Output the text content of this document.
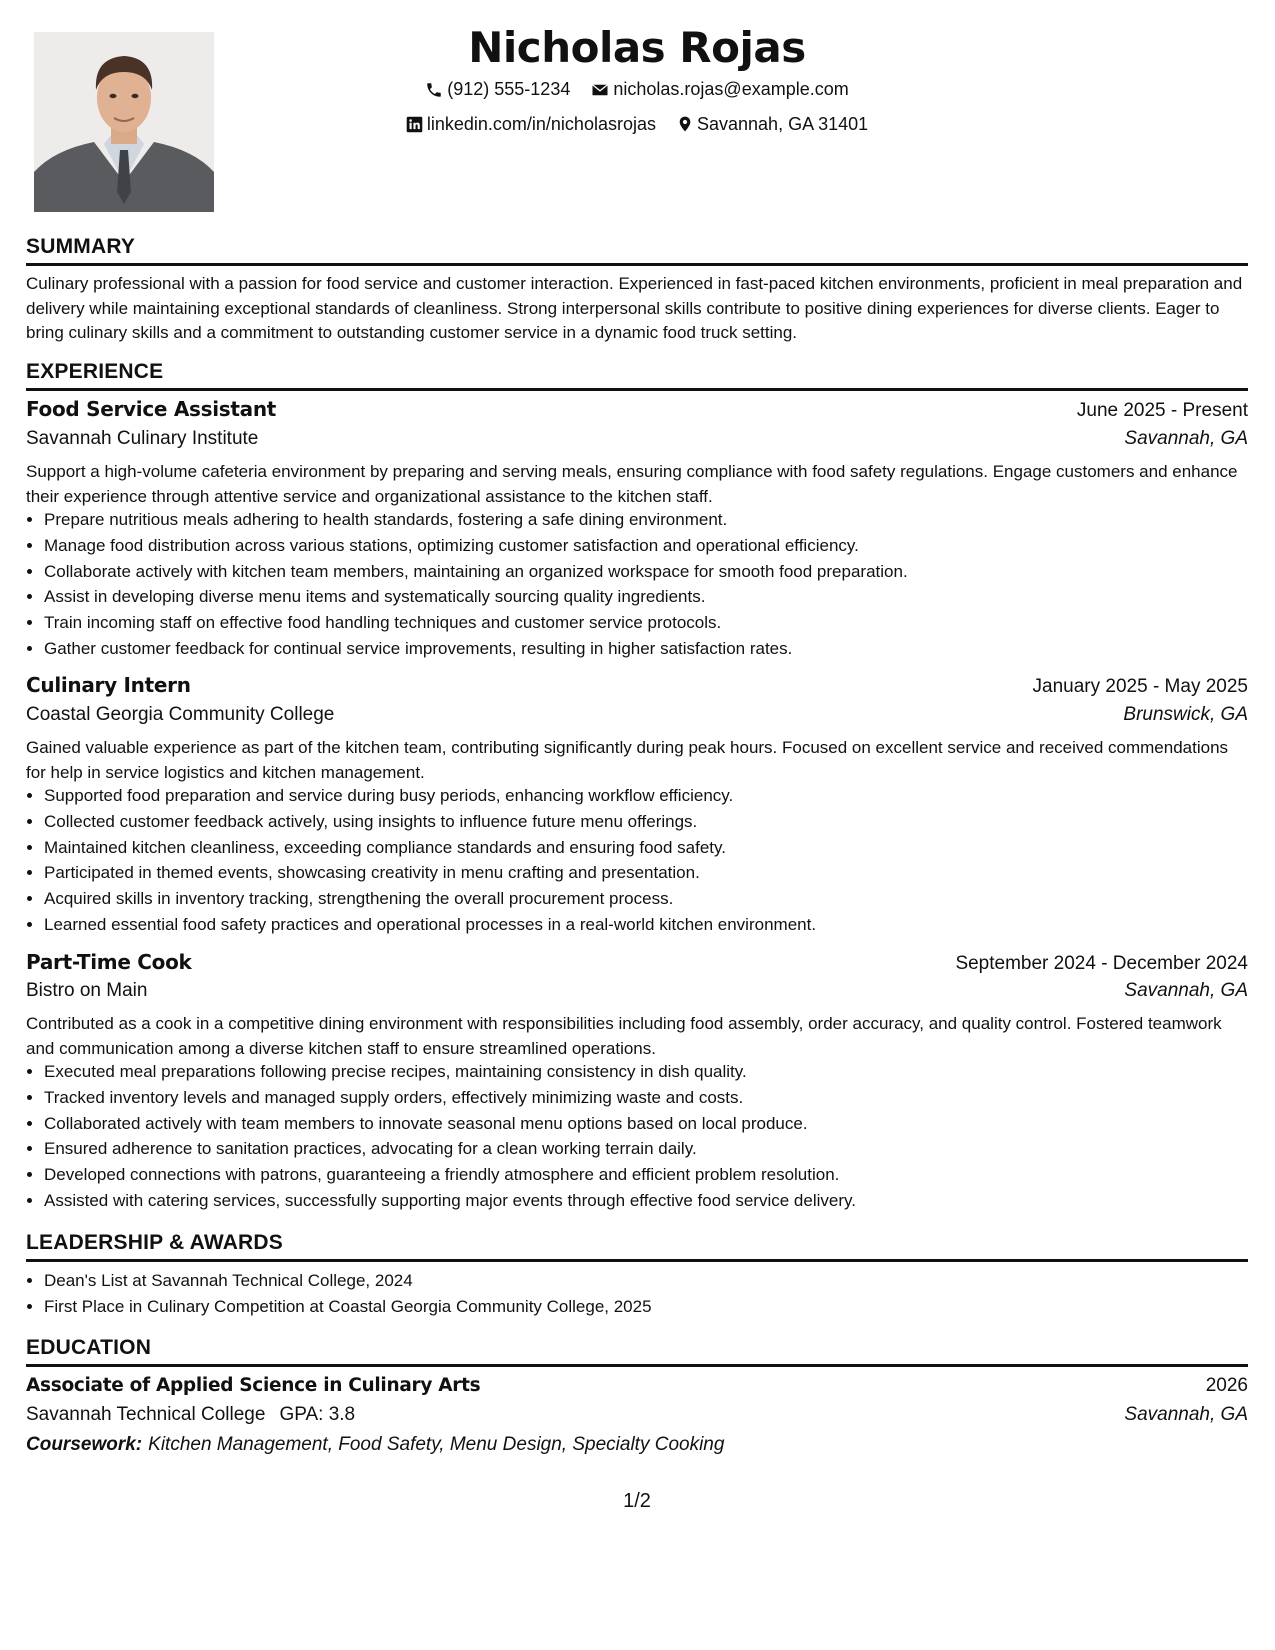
Nicholas Rojas
(912) 555-1234
nicholas.rojas@example.com
linkedin.com/in/nicholasrojas
Savannah, GA 31401
SUMMARY
Culinary professional with a passion for food service and customer interaction. Experienced in fast-paced kitchen environments, proficient in meal preparation and delivery while maintaining exceptional standards of cleanliness. Strong interpersonal skills contribute to positive dining experiences for diverse clients. Eager to bring culinary skills and a commitment to outstanding customer service in a dynamic food truck setting.
EXPERIENCE
Food Service Assistant	June 2025 - Present
Savannah Culinary Institute	Savannah, GA
Support a high-volume cafeteria environment by preparing and serving meals, ensuring compliance with food safety regulations. Engage customers and enhance their experience through attentive service and organizational assistance to the kitchen staff.
• Prepare nutritious meals adhering to health standards, fostering a safe dining environment.
• Manage food distribution across various stations, optimizing customer satisfaction and operational efficiency.
• Collaborate actively with kitchen team members, maintaining an organized workspace for smooth food preparation.
• Assist in developing diverse menu items and systematically sourcing quality ingredients.
• Train incoming staff on effective food handling techniques and customer service protocols.
• Gather customer feedback for continual service improvements, resulting in higher satisfaction rates.
Culinary Intern	January 2025 - May 2025
Coastal Georgia Community College	Brunswick, GA
Gained valuable experience as part of the kitchen team, contributing significantly during peak hours. Focused on excellent service and received commendations for help in service logistics and kitchen management.
• Supported food preparation and service during busy periods, enhancing workflow efficiency.
• Collected customer feedback actively, using insights to influence future menu offerings.
• Maintained kitchen cleanliness, exceeding compliance standards and ensuring food safety.
• Participated in themed events, showcasing creativity in menu crafting and presentation.
• Acquired skills in inventory tracking, strengthening the overall procurement process.
• Learned essential food safety practices and operational processes in a real-world kitchen environment.
Part-Time Cook	September 2024 - December 2024
Bistro on Main	Savannah, GA
Contributed as a cook in a competitive dining environment with responsibilities including food assembly, order accuracy, and quality control. Fostered teamwork and communication among a diverse kitchen staff to ensure streamlined operations.
• Executed meal preparations following precise recipes, maintaining consistency in dish quality.
• Tracked inventory levels and managed supply orders, effectively minimizing waste and costs.
• Collaborated actively with team members to innovate seasonal menu options based on local produce.
• Ensured adherence to sanitation practices, advocating for a clean working terrain daily.
• Developed connections with patrons, guaranteeing a friendly atmosphere and efficient problem resolution.
• Assisted with catering services, successfully supporting major events through effective food service delivery.
LEADERSHIP & AWARDS
• Dean's List at Savannah Technical College, 2024
• First Place in Culinary Competition at Coastal Georgia Community College, 2025
EDUCATION
Associate of Applied Science in Culinary Arts	2026
Savannah Technical College GPA: 3.8	Savannah, GA
Coursework: Kitchen Management, Food Safety, Menu Design, Specialty Cooking
1/2
